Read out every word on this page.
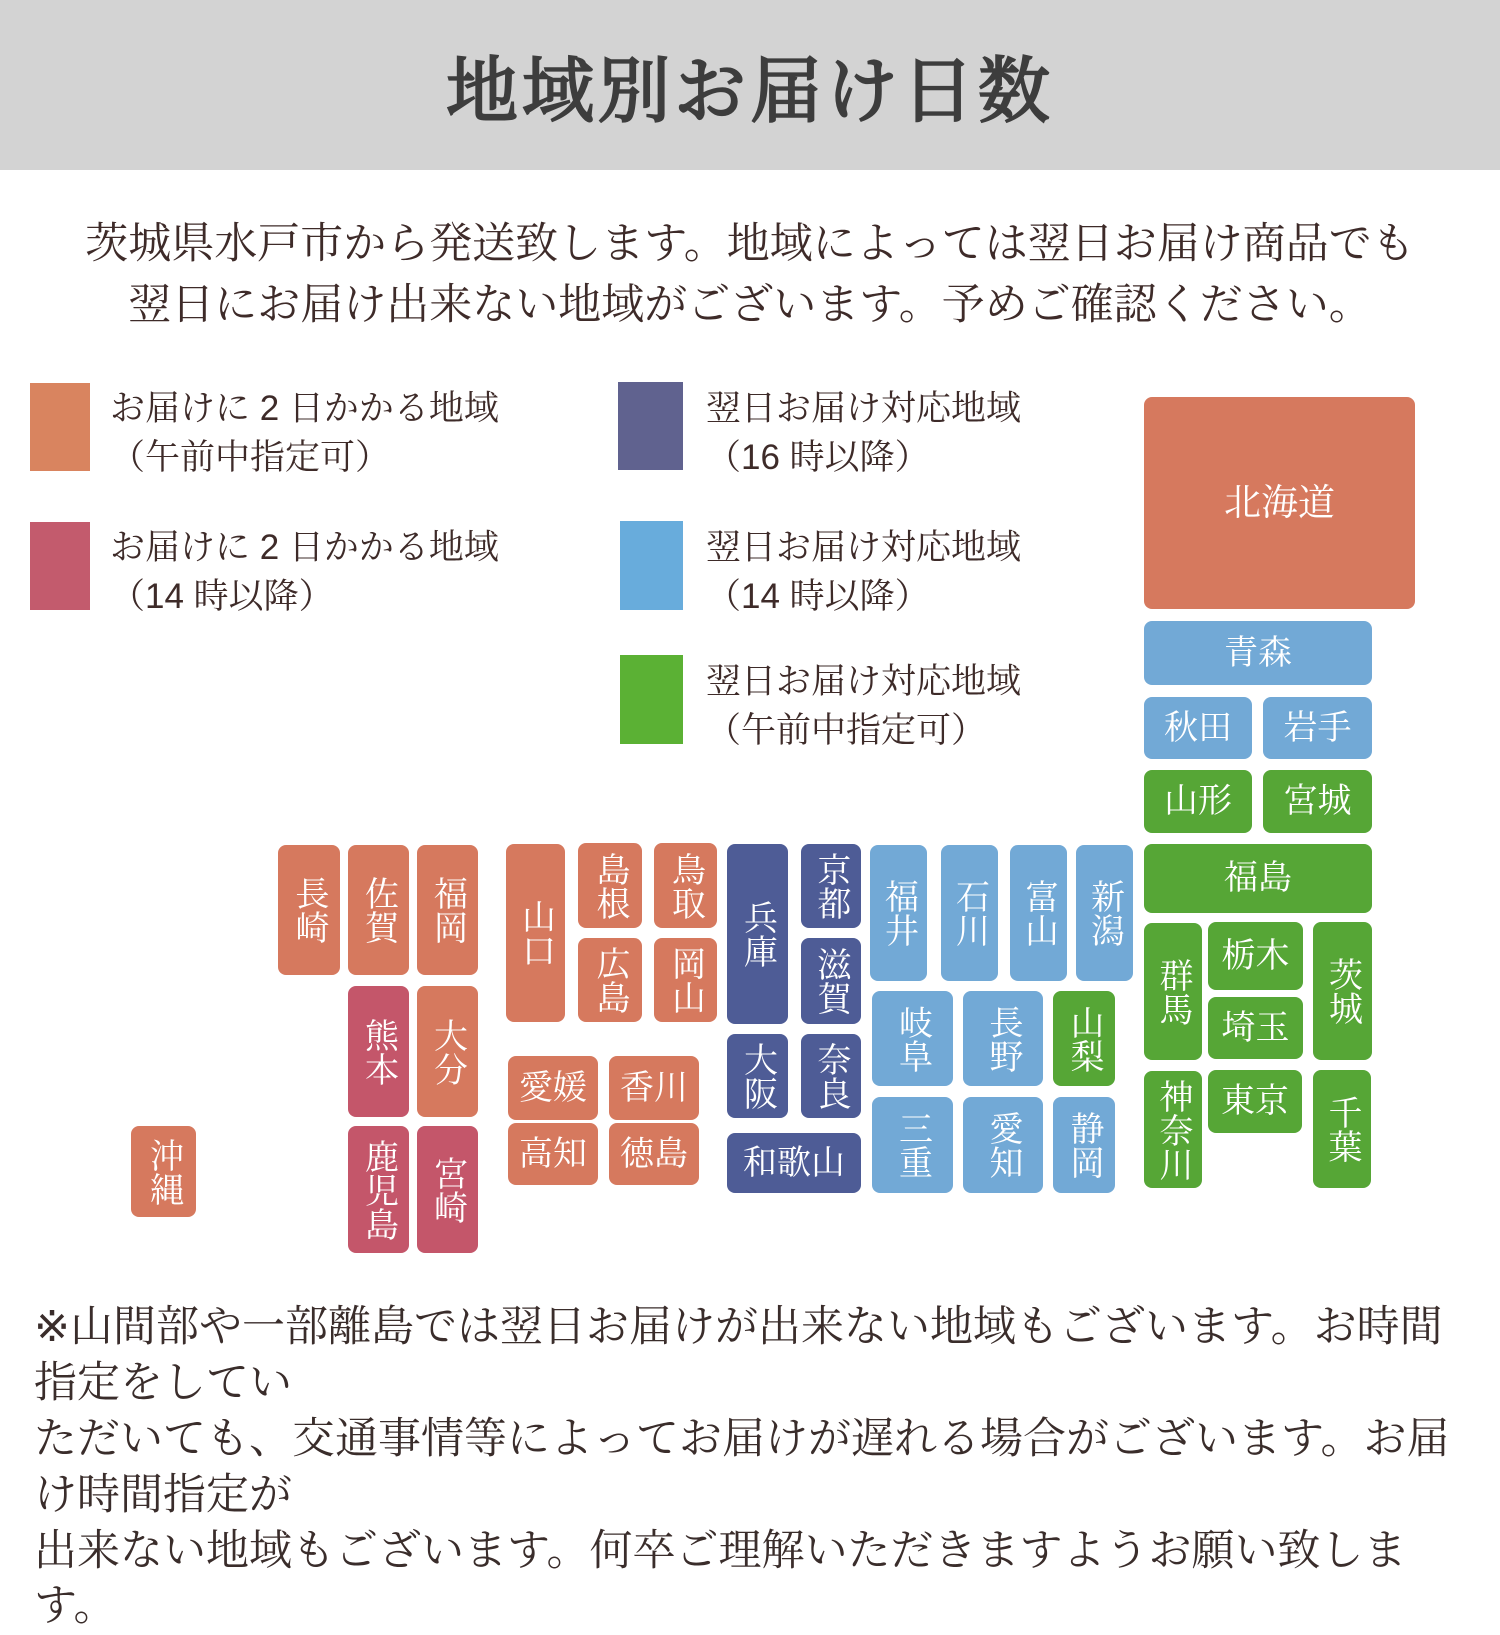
地域別お届け日数
茨城県水戸市から発送致します。地域によっては翌日お届け商品でも
翌日にお届け出来ない地域がございます。予めご確認ください。
※山間部や一部離島では翌日お届けが出来ない地域もございます。お時間指定をしてい
ただいても、交通事情等によってお届けが遅れる場合がございます。お届け時間指定が
出来ない地域もございます。何卒ご理解いただきますようお願い致します。
お届けに 2 日かかる地域
（午前中指定可）
お届けに 2 日かかる地域
（14 時以降）
翌日お届け対応地域
（16 時以降）
翌日お届け対応地域
（14 時以降）
翌日お届け対応地域
（午前中指定可）
北海道
青森
秋田	岩手
山形	宮城
福島
群馬
栃木
茨城
埼玉
神奈川 東京	千葉
新潟
富山
石川
福井
岐阜	長野	山梨
三重	愛知	静岡
兵庫
京都
滋賀
大阪	奈良
和歌山
鳥取
島根
岡山
広島
山口
愛媛 香川
高知 徳島
福岡
佐賀
長崎
大分
熊本
宮崎
鹿児島
沖縄
